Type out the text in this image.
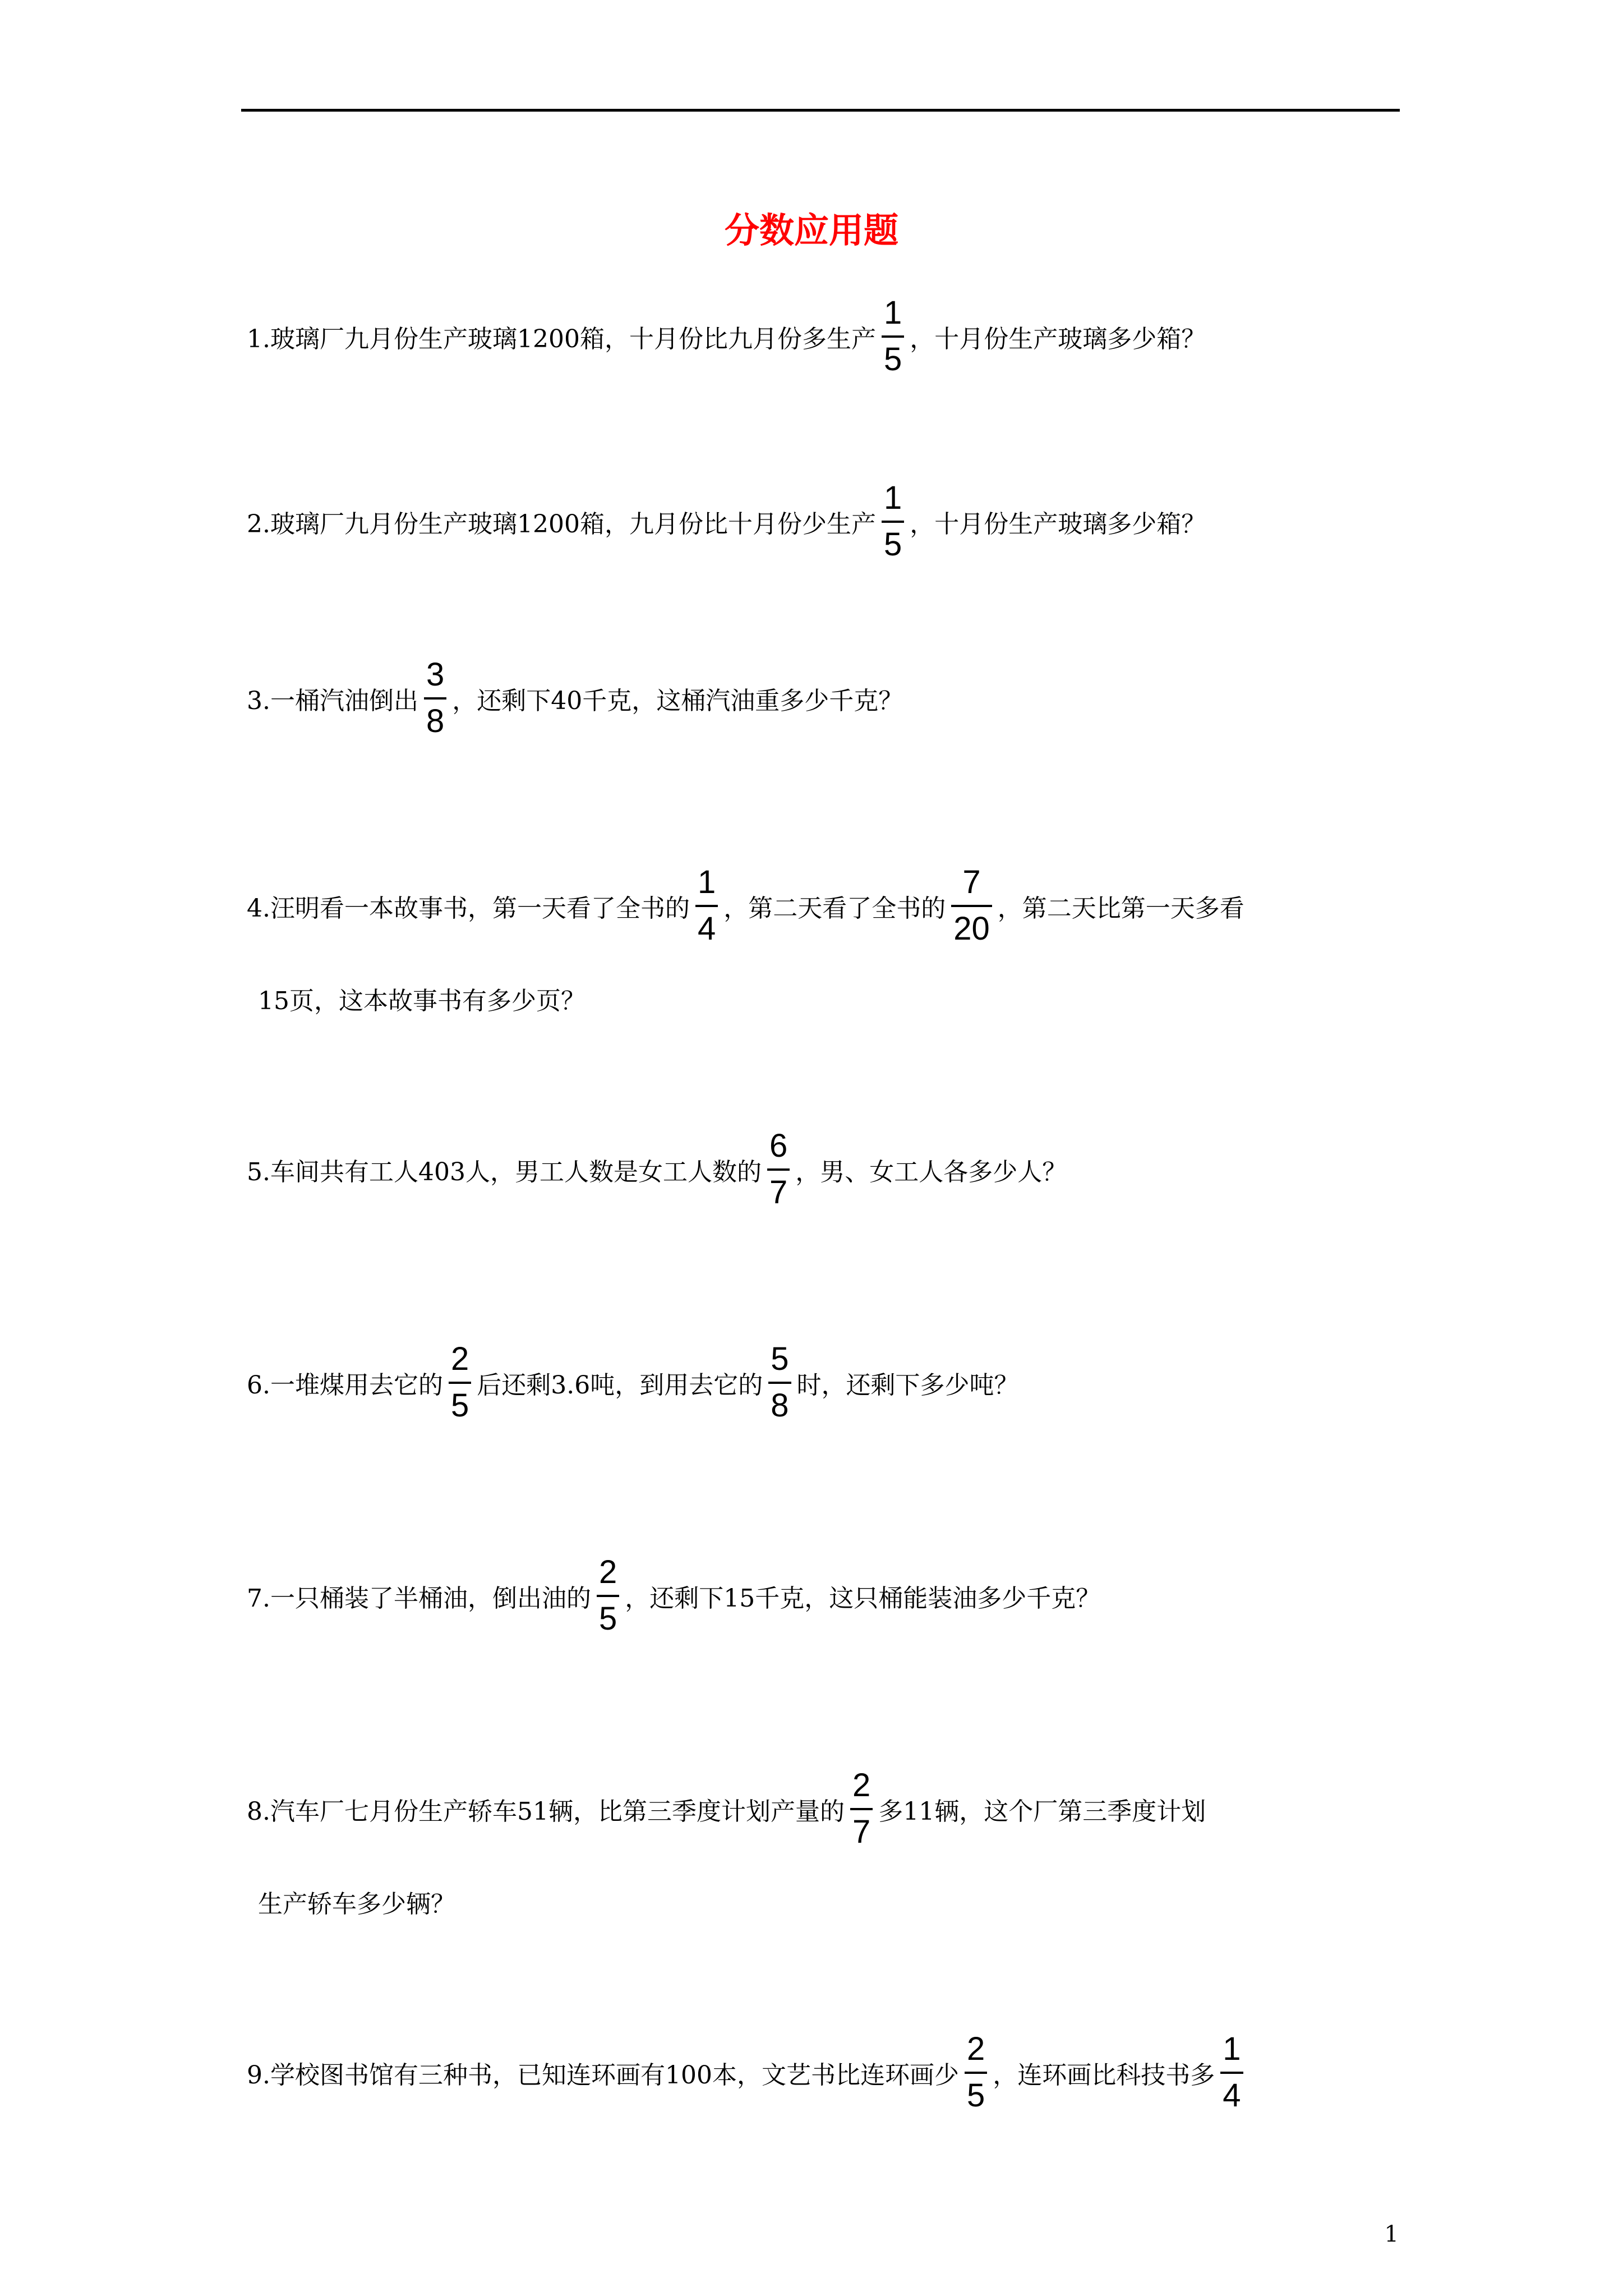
分数应用题
1.玻璃厂九月份生产玻璃1200箱，十月份比九月份多生产 $\frac{1}{5}$ ，十月份生产玻璃多少箱？
2.玻璃厂九月份生产玻璃1200箱，九月份比十月份少生产 $\frac{1}{5}$ ，十月份生产玻璃多少箱？
3.一桶汽油倒出 $\frac{3}{8}$ ，还剩下40千克，这桶汽油重多少千克？
4.汪明看一本故事书，第一天看了全书的 $\frac{1}{4}$ ，第二天看了全书的 $\frac{7}{20}$ ，第二天比第一天多看
15页，这本故事书有多少页？
5.车间共有工人403人，男工人数是女工人数的 $\frac{6}{7}$ ，男、女工人各多少人？
6.一堆煤用去它的 $\frac{2}{5}$ 后还剩3.6吨，到用去它的 $\frac{5}{8}$ 时，还剩下多少吨？
7.一只桶装了半桶油，倒出油的 $\frac{2}{5}$ ，还剩下15千克，这只桶能装油多少千克？
8.汽车厂七月份生产轿车51辆，比第三季度计划产量的 $\frac{2}{7}$ 多11辆，这个厂第三季度计划
生产轿车多少辆？
9.学校图书馆有三种书，已知连环画有100本，文艺书比连环画少 $\frac{2}{5}$ ，连环画比科技书多 $\frac{1}{4}$
1
